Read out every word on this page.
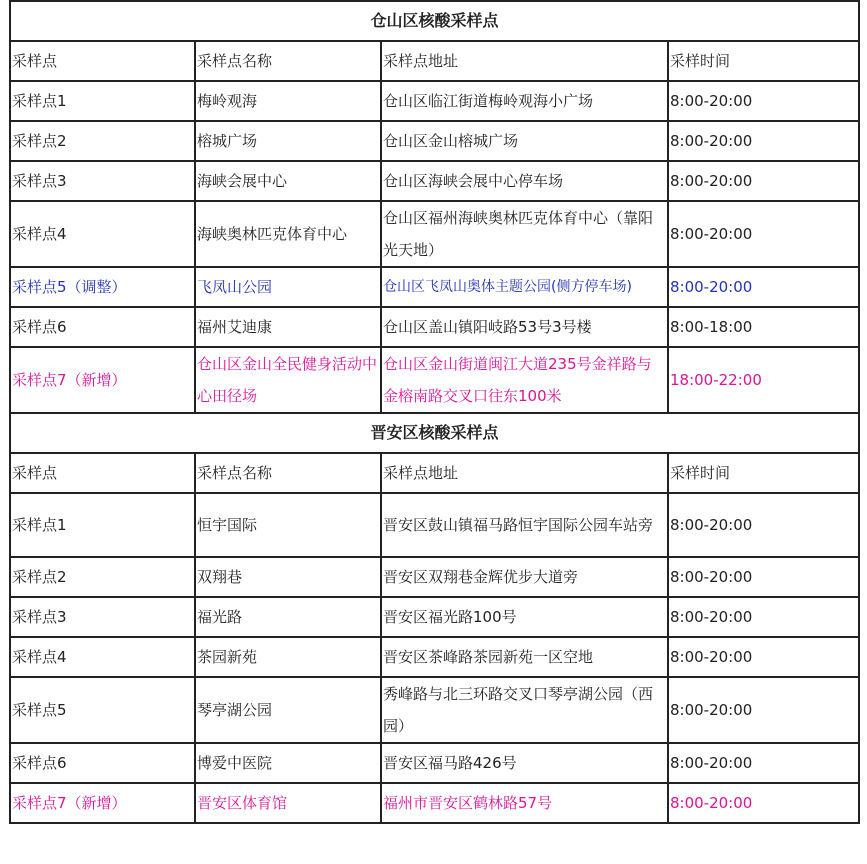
仓山区核酸采样点			
采样点	采样点名称	采样点地址	采样时间
采样点1	梅岭观海	仓山区临江街道梅岭观海小广场	8:00-20:00
采样点2	榕城广场	仓山区金山榕城广场	8:00-20:00
采样点3	海峡会展中心	仓山区海峡会展中心停车场	8:00-20:00
采样点4	海峡奥林匹克体育中心	仓山区福州海峡奥林匹克体育中心（靠阳光天地）	8:00-20:00
采样点5（调整）	飞凤山公园	仓山区飞凤山奥体主题公园(侧方停车场)	8:00-20:00
采样点6	福州艾迪康	仓山区盖山镇阳岐路53号3号楼	8:00-18:00
采样点7（新增）	仓山区金山全民健身活动中心田径场	仓山区金山街道闽江大道235号金祥路与金榕南路交叉口往东100米	18:00-22:00
晋安区核酸采样点			
采样点	采样点名称	采样点地址	采样时间
采样点1	恒宇国际	晋安区鼓山镇福马路恒宇国际公园车站旁	8:00-20:00
采样点2	双翔巷	晋安区双翔巷金辉优步大道旁	8:00-20:00
采样点3	福光路	晋安区福光路100号	8:00-20:00
采样点4	茶园新苑	晋安区茶峰路茶园新苑一区空地	8:00-20:00
采样点5	琴亭湖公园	秀峰路与北三环路交叉口琴亭湖公园（西园）	8:00-20:00
采样点6	博爱中医院	晋安区福马路426号	8:00-20:00
采样点7（新增）	晋安区体育馆	福州市晋安区鹤林路57号	8:00-20:00
